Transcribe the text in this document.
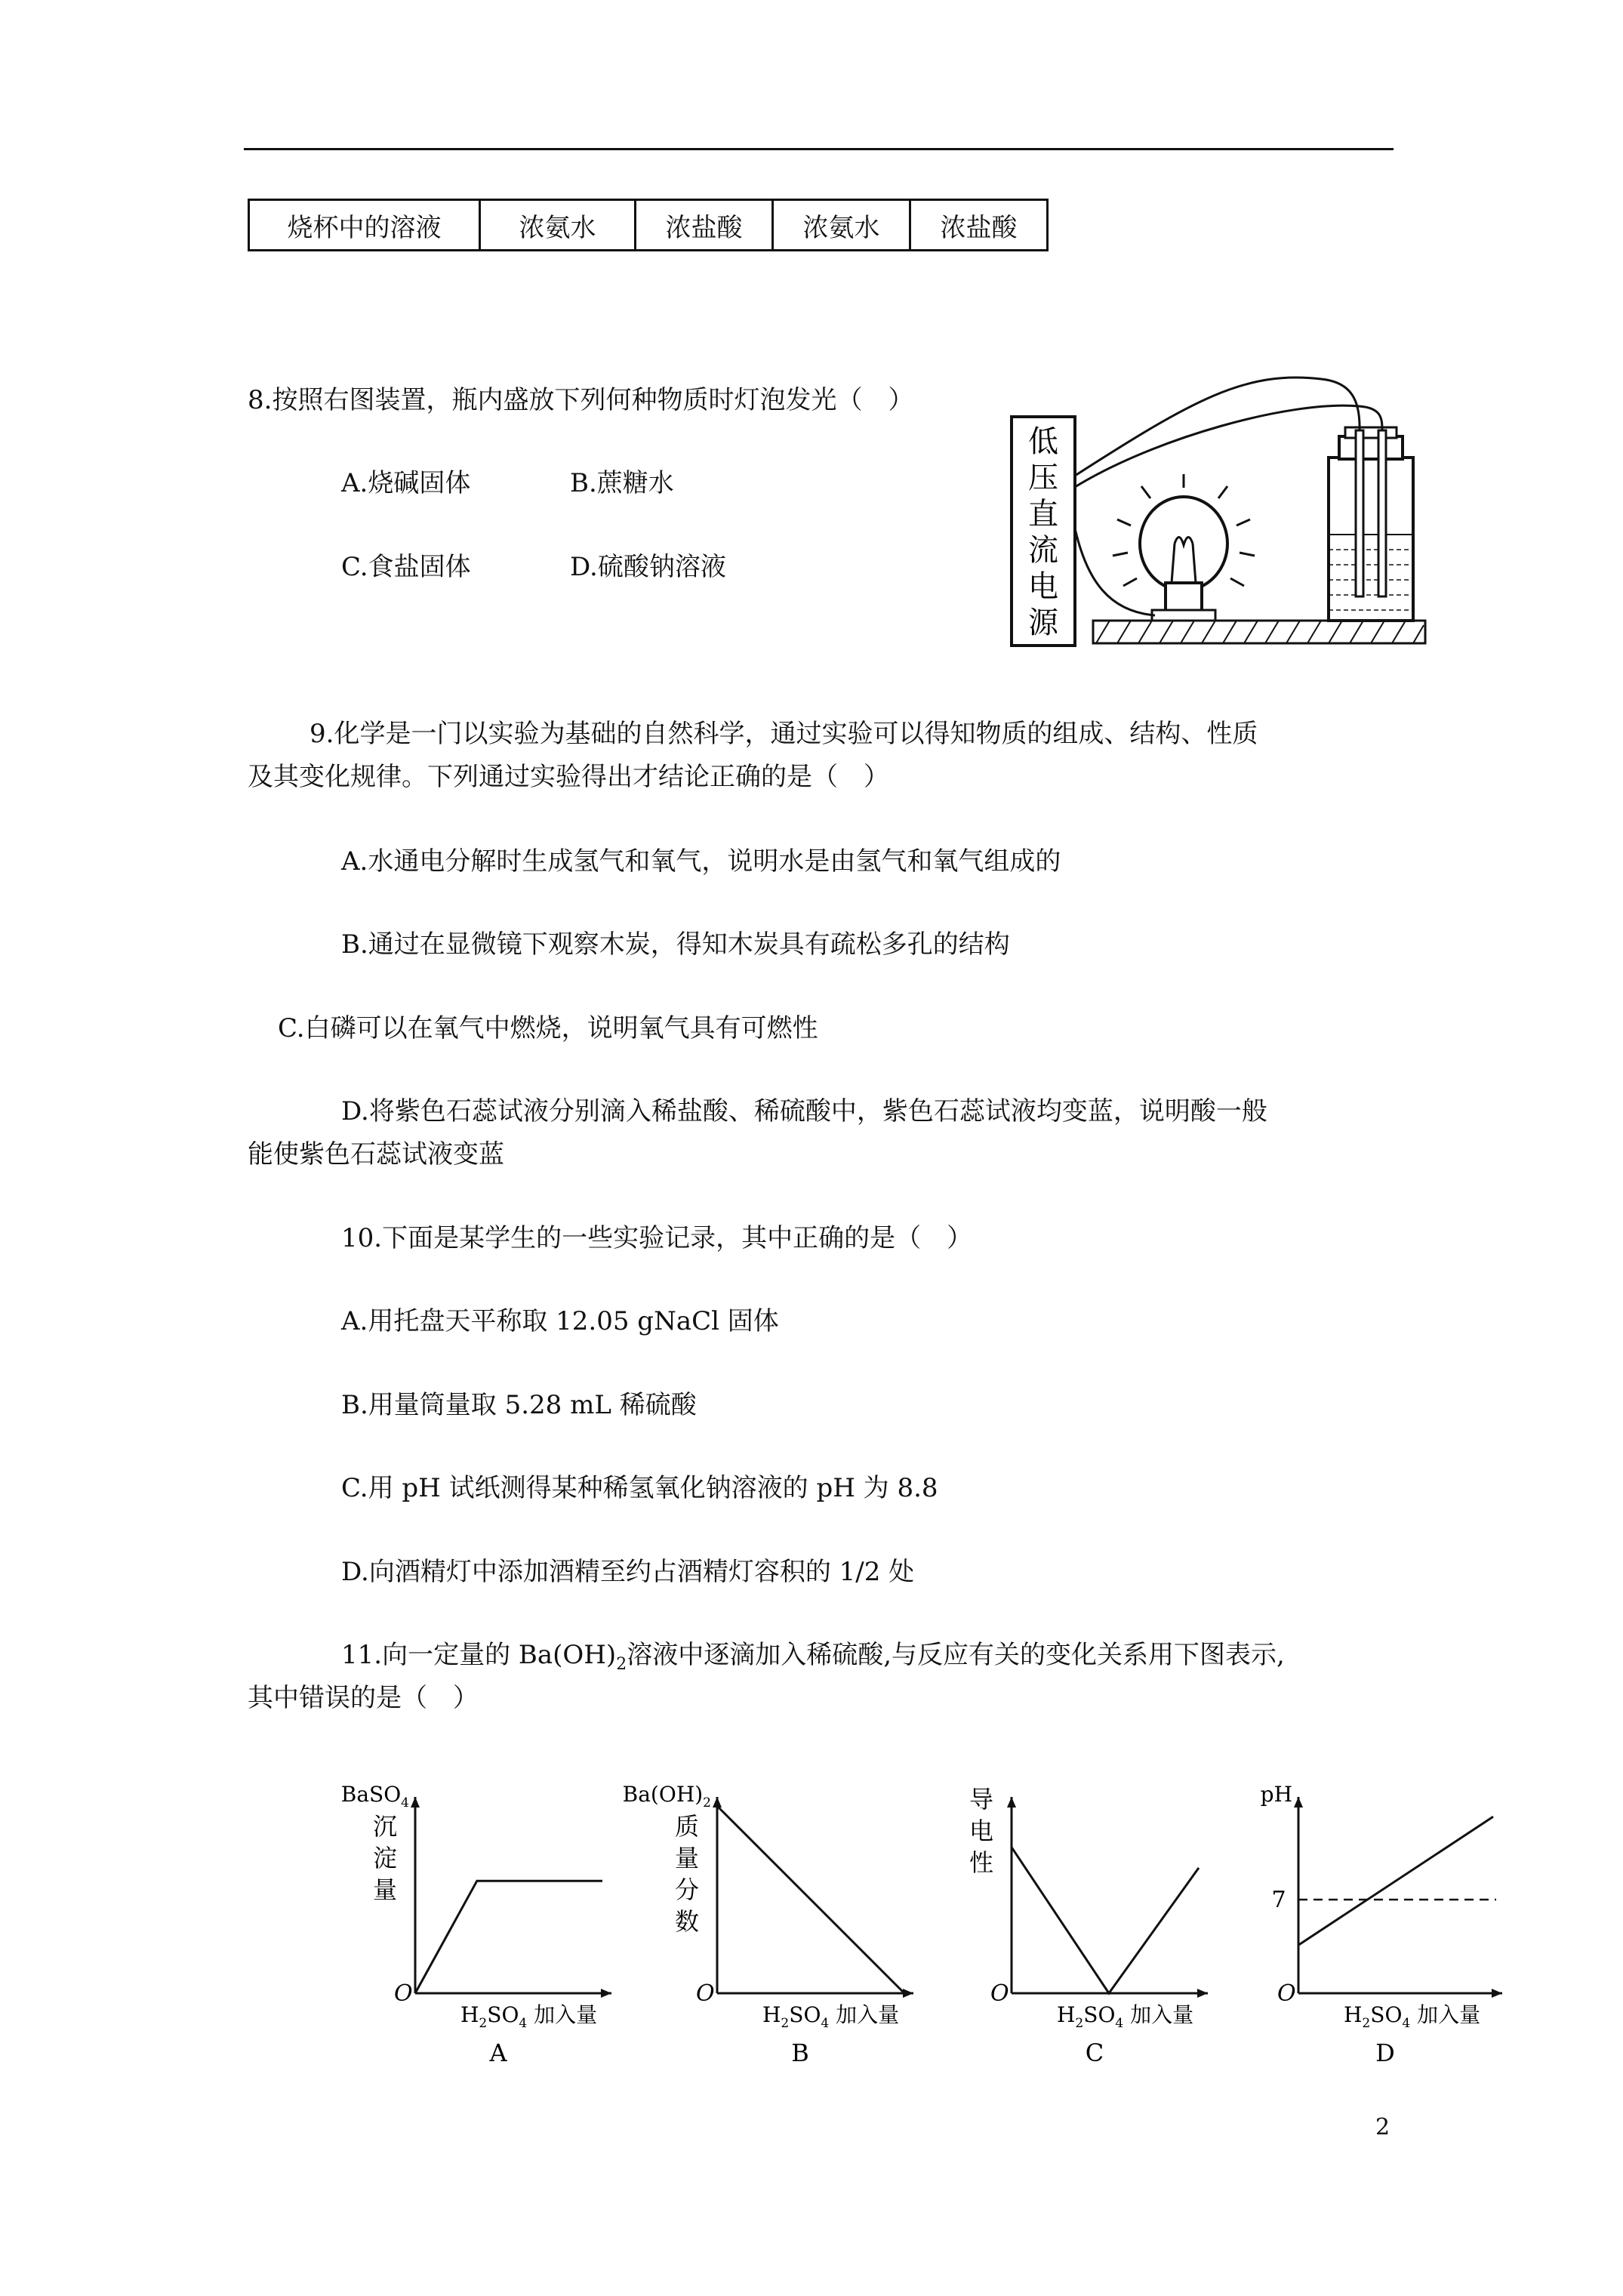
烧杯中的溶液	浓氨水	浓盐酸	浓氨水	浓盐酸
8.按照右图装置，瓶内盛放下列何种物质时灯泡发光（　）
A.烧碱固体	B.蔗糖水
C.食盐固体	D.硫酸钠溶液
低
压
直
流
电
源
9.化学是一门以实验为基础的自然科学，通过实验可以得知物质的组成、结构、性质
及其变化规律。下列通过实验得出才结论正确的是（　）
A.水通电分解时生成氢气和氧气，说明水是由氢气和氧气组成的
B.通过在显微镜下观察木炭，得知木炭具有疏松多孔的结构
C.白磷可以在氧气中燃烧，说明氧气具有可燃性
D.将紫色石蕊试液分别滴入稀盐酸、稀硫酸中，紫色石蕊试液均变蓝，说明酸一般
能使紫色石蕊试液变蓝
10.下面是某学生的一些实验记录，其中正确的是（　）
A.用托盘天平称取 12.05 gNaCl 固体
B.用量筒量取 5.28 mL 稀硫酸
C.用 pH 试纸测得某种稀氢氧化钠溶液的 pH 为 8.8
D.向酒精灯中添加酒精至约占酒精灯容积的 1/2 处
11.向一定量的 $Ba(OH)_2$溶液中逐滴加入稀硫酸,与反应有关的变化关系用下图表示,
其中错误的是（　）
O
$H_2SO_4$ 加入量
A
BaSO$_4$
沉
淀
量
O
$H_2SO_4$ 加入量
B
$Ba(OH)_2$
质
量
分
数
O
$H_2SO_4$ 加入量
C
导
电
性
O
$H_2SO_4$ 加入量
D
pH
7
2
